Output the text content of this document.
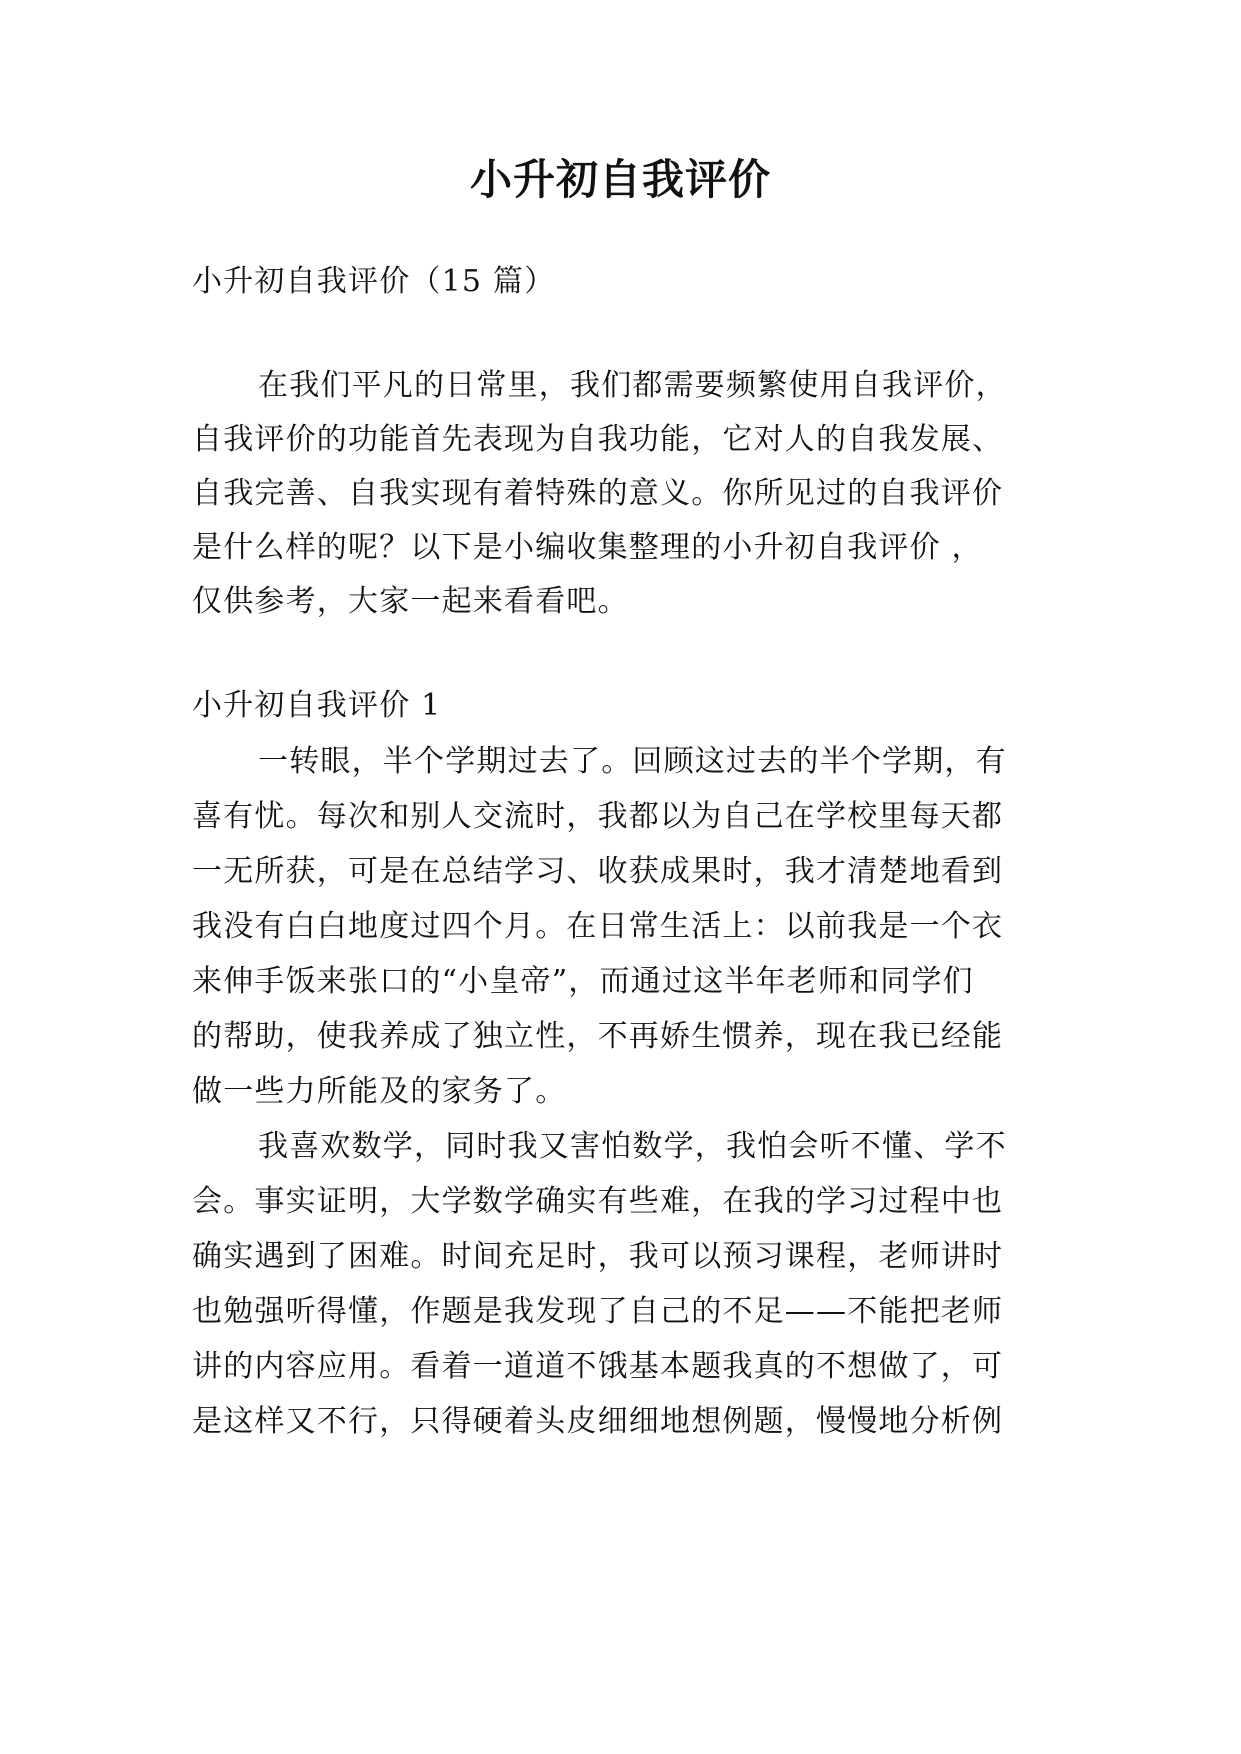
小升初自我评价
小升初自我评价（15 篇）
在我们平凡的日常里，我们都需要频繁使用自我评价，
自我评价的功能首先表现为自我功能，它对人的自我发展、
自我完善、自我实现有着特殊的意义。你所见过的自我评价
是什么样的呢？以下是小编收集整理的小升初自我评价 ，
仅供参考，大家一起来看看吧。
小升初自我评价 1
一转眼，半个学期过去了。回顾这过去的半个学期，有
喜有忧。每次和别人交流时，我都以为自己在学校里每天都
一无所获，可是在总结学习、收获成果时，我才清楚地看到
我没有白白地度过四个月。在日常生活上：以前我是一个衣
来伸手饭来张口的“小皇帝”，而通过这半年老师和同学们
的帮助，使我养成了独立性，不再娇生惯养，现在我已经能
做一些力所能及的家务了。
我喜欢数学，同时我又害怕数学，我怕会听不懂、学不
会。事实证明，大学数学确实有些难，在我的学习过程中也
确实遇到了困难。时间充足时，我可以预习课程，老师讲时
也勉强听得懂，作题是我发现了自己的不足——不能把老师
讲的内容应用。看着一道道不饿基本题我真的不想做了，可
是这样又不行，只得硬着头皮细细地想例题，慢慢地分析例
